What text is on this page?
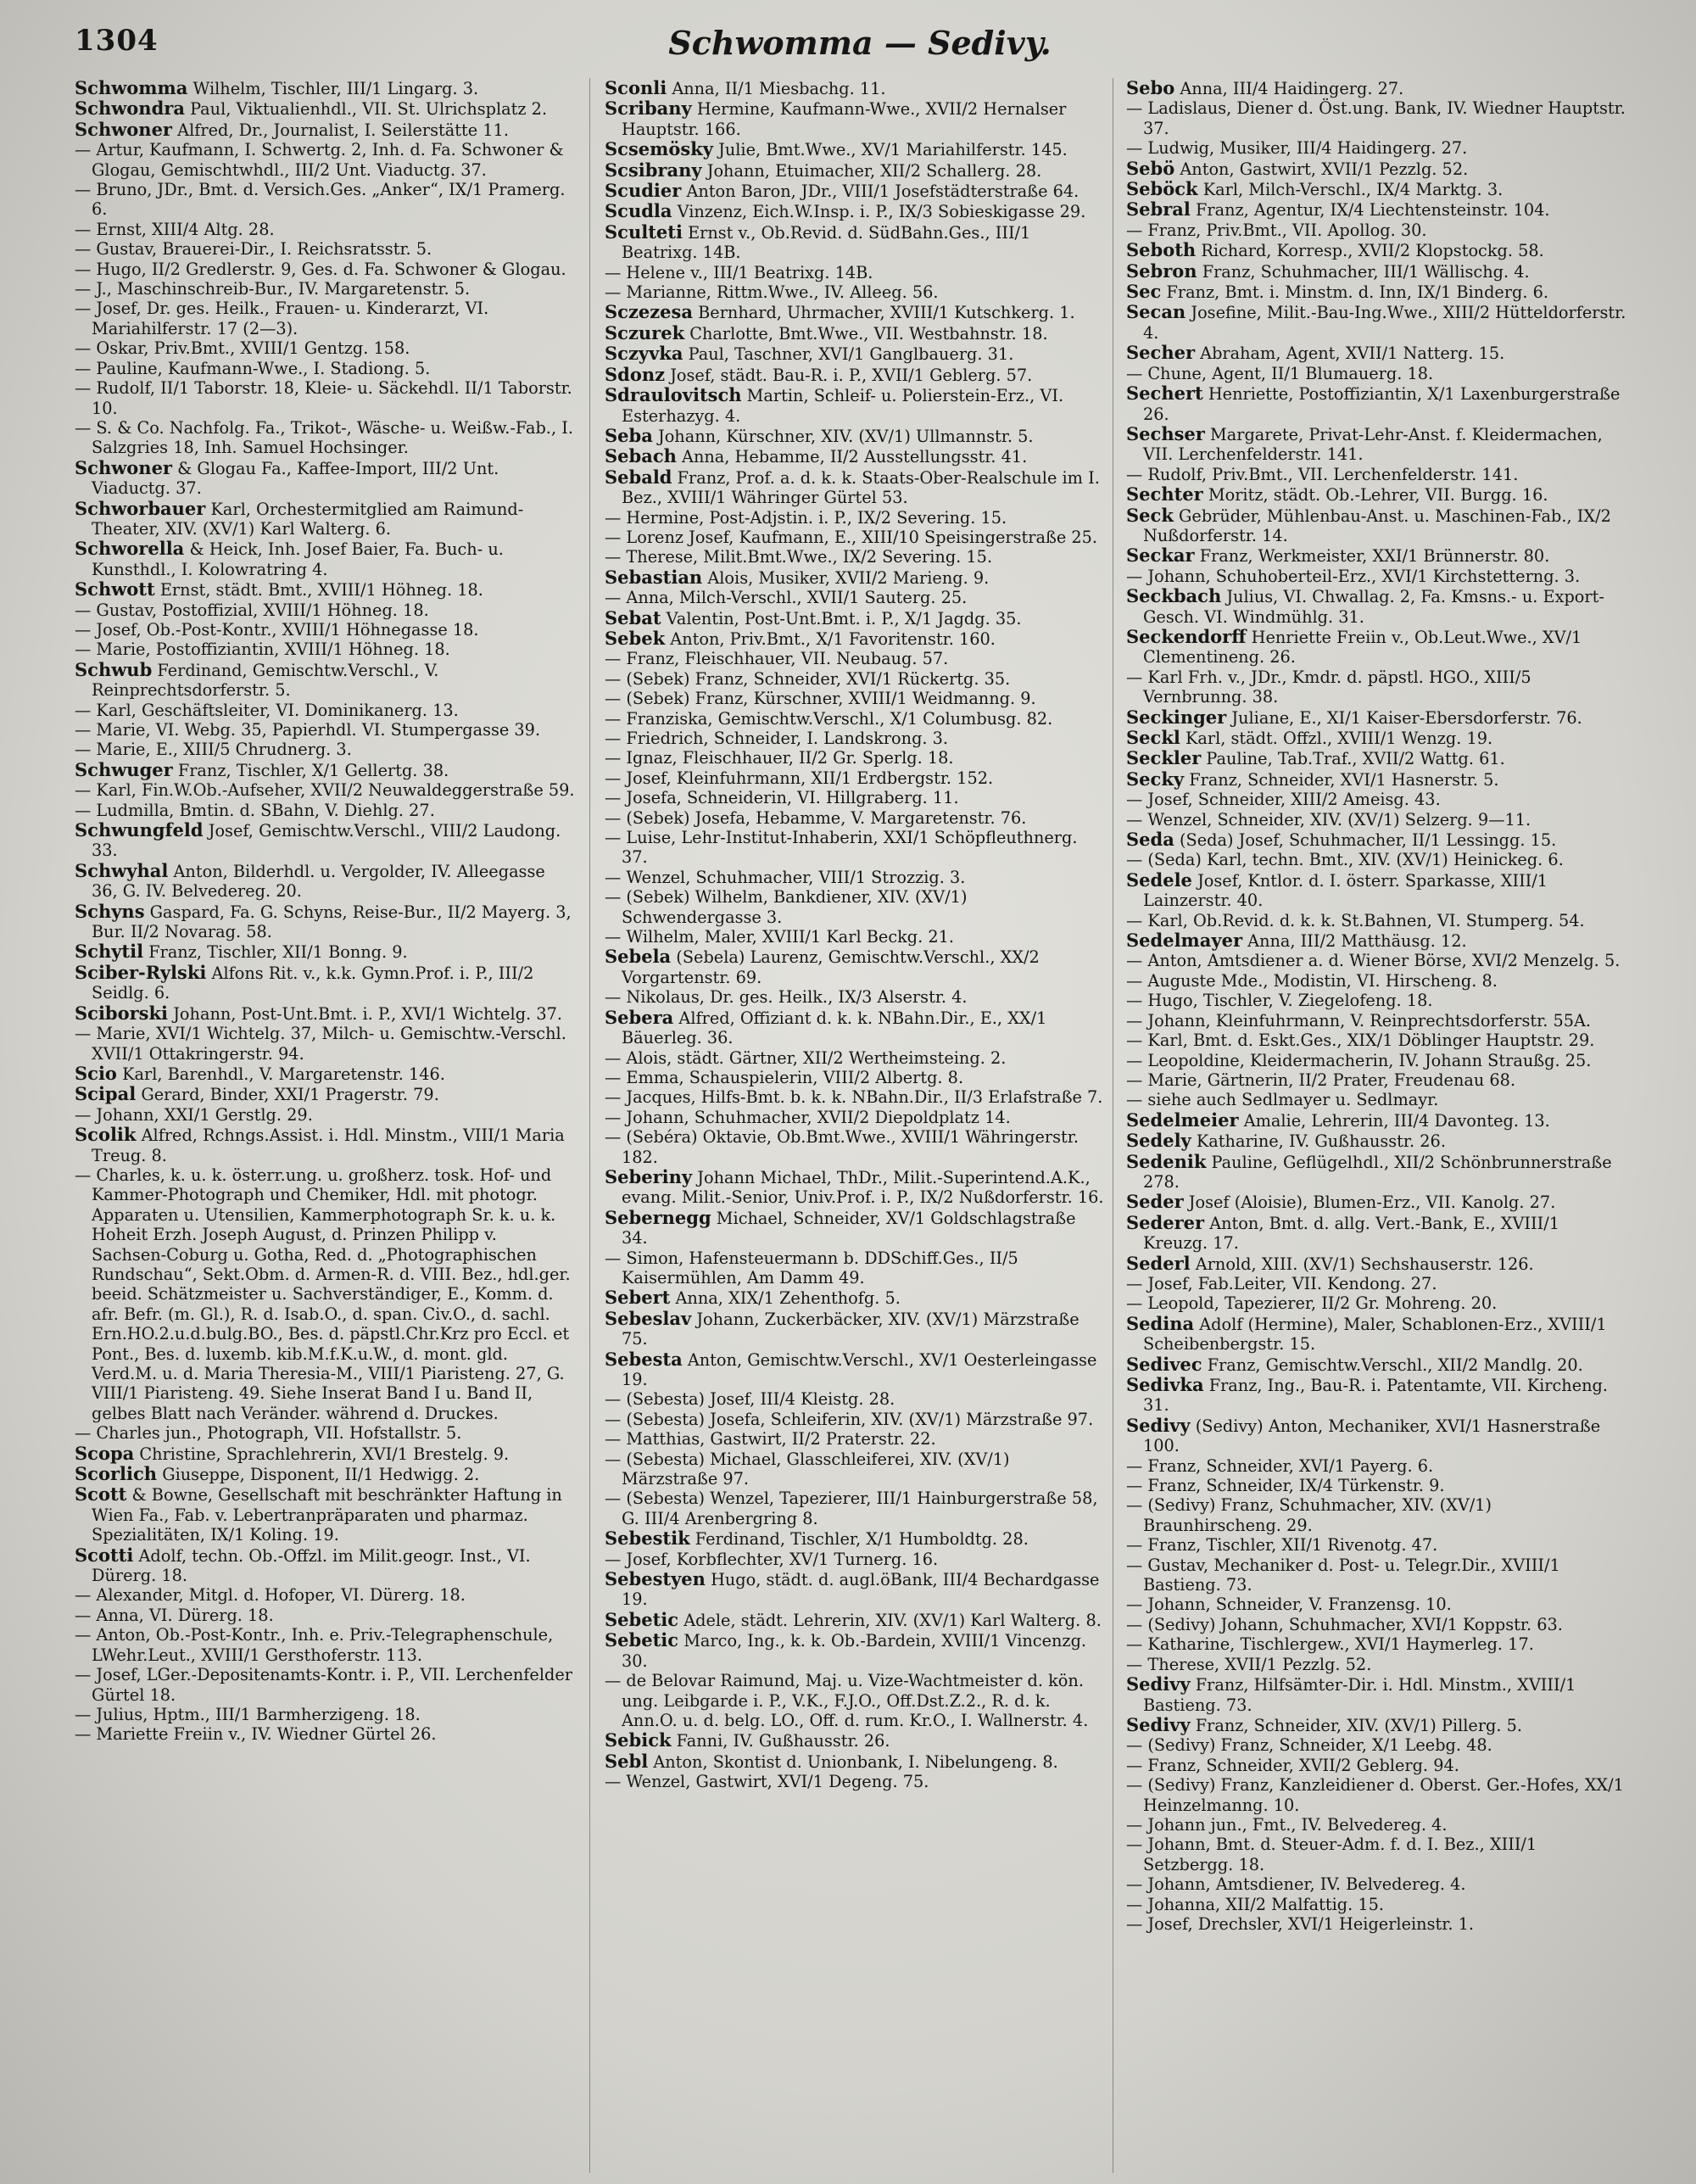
1304	Schwomma — Sedivy.

Schwomma Wilhelm, Tischler, III/1 Lingarg. 3.

Schwondra Paul, Viktualienhdl., VII. St. Ulrichsplatz 2.

Schwoner Alfred, Dr., Journalist, I. Seilerstätte 11.

— Artur, Kaufmann, I. Schwertg. 2, Inh. d. Fa. Schwoner & Glogau, Gemischtwhdl., III/2 Unt. Viaductg. 37.

— Bruno, JDr., Bmt. d. Versich.Ges. „Anker“, IX/1 Pramerg. 6.

— Ernst, XIII/4 Altg. 28.

— Gustav, Brauerei-Dir., I. Reichsratsstr. 5.

— Hugo, II/2 Gredlerstr. 9, Ges. d. Fa. Schwoner & Glogau.

— J., Maschinschreib-Bur., IV. Margaretenstr. 5.

— Josef, Dr. ges. Heilk., Frauen- u. Kinderarzt, VI. Mariahilferstr. 17 (2—3).

— Oskar, Priv.Bmt., XVIII/1 Gentzg. 158.

— Pauline, Kaufmann-Wwe., I. Stadiong. 5.

— Rudolf, II/1 Taborstr. 18, Kleie- u. Säckehdl. II/1 Taborstr. 10.

— S. & Co. Nachfolg. Fa., Trikot-, Wäsche- u. Weißw.-Fab., I. Salzgries 18, Inh. Samuel Hochsinger.

Schwoner & Glogau Fa., Kaffee-Import, III/2 Unt. Viaductg. 37.

Schworbauer Karl, Orchestermitglied am Raimund-Theater, XIV. (XV/1) Karl Walterg. 6.

Schworella & Heick, Inh. Josef Baier, Fa. Buch- u. Kunsthdl., I. Kolowratring 4.

Schwott Ernst, städt. Bmt., XVIII/1 Höhneg. 18.

— Gustav, Postoffizial, XVIII/1 Höhneg. 18.

— Josef, Ob.-Post-Kontr., XVIII/1 Höhnegasse 18.

— Marie, Postoffiziantin, XVIII/1 Höhneg. 18.

Schwub Ferdinand, Gemischtw.Verschl., V. Reinprechtsdorferstr. 5.

— Karl, Geschäftsleiter, VI. Dominikanerg. 13.

— Marie, VI. Webg. 35, Papierhdl. VI. Stumpergasse 39.

— Marie, E., XIII/5 Chrudnerg. 3.

Schwuger Franz, Tischler, X/1 Gellertg. 38.

— Karl, Fin.W.Ob.-Aufseher, XVII/2 Neuwaldeggerstraße 59.

— Ludmilla, Bmtin. d. SBahn, V. Diehlg. 27.

Schwungfeld Josef, Gemischtw.Verschl., VIII/2 Laudong. 33.

Schwyhal Anton, Bilderhdl. u. Vergolder, IV. Alleegasse 36, G. IV. Belvedereg. 20.

Schyns Gaspard, Fa. G. Schyns, Reise-Bur., II/2 Mayerg. 3, Bur. II/2 Novarag. 58.

Schytil Franz, Tischler, XII/1 Bonng. 9.

Sciber-Rylski Alfons Rit. v., k.k. Gymn.Prof. i. P., III/2 Seidlg. 6.

Sciborski Johann, Post-Unt.Bmt. i. P., XVI/1 Wichtelg. 37.

— Marie, XVI/1 Wichtelg. 37, Milch- u. Gemischtw.-Verschl. XVII/1 Ottakringerstr. 94.

Scio Karl, Barenhdl., V. Margaretenstr. 146.

Scipal Gerard, Binder, XXI/1 Pragerstr. 79.

— Johann, XXI/1 Gerstlg. 29.

Scolik Alfred, Rchngs.Assist. i. Hdl. Minstm., VIII/1 Maria Treug. 8.

— Charles, k. u. k. österr.ung. u. großherz. tosk. Hof- und Kammer-Photograph und Chemiker, Hdl. mit photogr. Apparaten u. Utensilien, Kammerphotograph Sr. k. u. k. Hoheit Erzh. Joseph August, d. Prinzen Philipp v. Sachsen-Coburg u. Gotha, Red. d. „Photographischen Rundschau“, Sekt.Obm. d. Armen-R. d. VIII. Bez., hdl.ger. beeid. Schätzmeister u. Sachverständiger, E., Komm. d. afr. Befr. (m. Gl.), R. d. Isab.O., d. span. Civ.O., d. sachl. Ern.HO.2.u.d.bulg.BO., Bes. d. päpstl.Chr.Krz pro Eccl. et Pont., Bes. d. luxemb. kib.M.f.K.u.W., d. mont. gld. Verd.M. u. d. Maria Theresia-M., VIII/1 Piaristeng. 27, G. VIII/1 Piaristeng. 49. Siehe Inserat Band I u. Band II, gelbes Blatt nach Veränder. während d. Druckes.

— Charles jun., Photograph, VII. Hofstallstr. 5.

Scopa Christine, Sprachlehrerin, XVI/1 Brestelg. 9.

Scorlich Giuseppe, Disponent, II/1 Hedwigg. 2.

Scott & Bowne, Gesellschaft mit beschränkter Haftung in Wien Fa., Fab. v. Lebertranpräparaten und pharmaz. Spezialitäten, IX/1 Koling. 19.

Scotti Adolf, techn. Ob.-Offzl. im Milit.geogr. Inst., VI. Dürerg. 18.

— Alexander, Mitgl. d. Hofoper, VI. Dürerg. 18.

— Anna, VI. Dürerg. 18.

— Anton, Ob.-Post-Kontr., Inh. e. Priv.-Telegraphenschule, LWehr.Leut., XVIII/1 Gersthoferstr. 113.

— Josef, LGer.-Depositenamts-Kontr. i. P., VII. Lerchenfelder Gürtel 18.

— Julius, Hptm., III/1 Barmherzigeng. 18.

— Mariette Freiin v., IV. Wiedner Gürtel 26.

Sconli Anna, II/1 Miesbachg. 11.

Scribany Hermine, Kaufmann-Wwe., XVII/2 Hernalser Hauptstr. 166.

Scsemösky Julie, Bmt.Wwe., XV/1 Mariahilferstr. 145.

Scsibrany Johann, Etuimacher, XII/2 Schallerg. 28.

Scudier Anton Baron, JDr., VIII/1 Josefstädterstraße 64.

Scudla Vinzenz, Eich.W.Insp. i. P., IX/3 Sobieskigasse 29.

Sculteti Ernst v., Ob.Revid. d. SüdBahn.Ges., III/1 Beatrixg. 14B.

— Helene v., III/1 Beatrixg. 14B.

— Marianne, Rittm.Wwe., IV. Alleeg. 56.

Sczezesa Bernhard, Uhrmacher, XVIII/1 Kutschkerg. 1.

Sczurek Charlotte, Bmt.Wwe., VII. Westbahnstr. 18.

Sczyvka Paul, Taschner, XVI/1 Ganglbauerg. 31.

Sdonz Josef, städt. Bau-R. i. P., XVII/1 Geblerg. 57.

Sdraulovitsch Martin, Schleif- u. Polierstein-Erz., VI. Esterhazyg. 4.

Seba Johann, Kürschner, XIV. (XV/1) Ullmannstr. 5.

Sebach Anna, Hebamme, II/2 Ausstellungsstr. 41.

Sebald Franz, Prof. a. d. k. k. Staats-Ober-Realschule im I. Bez., XVIII/1 Währinger Gürtel 53.

— Hermine, Post-Adjstin. i. P., IX/2 Severing. 15.

— Lorenz Josef, Kaufmann, E., XIII/10 Speisingerstraße 25.

— Therese, Milit.Bmt.Wwe., IX/2 Severing. 15.

Sebastian Alois, Musiker, XVII/2 Marieng. 9.

— Anna, Milch-Verschl., XVII/1 Sauterg. 25.

Sebat Valentin, Post-Unt.Bmt. i. P., X/1 Jagdg. 35.

Sebek Anton, Priv.Bmt., X/1 Favoritenstr. 160.

— Franz, Fleischhauer, VII. Neubaug. 57.

— (Sebek) Franz, Schneider, XVI/1 Rückertg. 35.

— (Sebek) Franz, Kürschner, XVIII/1 Weidmanng. 9.

— Franziska, Gemischtw.Verschl., X/1 Columbusg. 82.

— Friedrich, Schneider, I. Landskrong. 3.

— Ignaz, Fleischhauer, II/2 Gr. Sperlg. 18.

— Josef, Kleinfuhrmann, XII/1 Erdbergstr. 152.

— Josefa, Schneiderin, VI. Hillgraberg. 11.

— (Sebek) Josefa, Hebamme, V. Margaretenstr. 76.

— Luise, Lehr-Institut-Inhaberin, XXI/1 Schöpfleuthnerg. 37.

— Wenzel, Schuhmacher, VIII/1 Strozzig. 3.

— (Sebek) Wilhelm, Bankdiener, XIV. (XV/1) Schwendergasse 3.

— Wilhelm, Maler, XVIII/1 Karl Beckg. 21.

Sebela (Sebela) Laurenz, Gemischtw.Verschl., XX/2 Vorgartenstr. 69.

— Nikolaus, Dr. ges. Heilk., IX/3 Alserstr. 4.

Sebera Alfred, Offiziant d. k. k. NBahn.Dir., E., XX/1 Bäuerleg. 36.

— Alois, städt. Gärtner, XII/2 Wertheimsteing. 2.

— Emma, Schauspielerin, VIII/2 Albertg. 8.

— Jacques, Hilfs-Bmt. b. k. k. NBahn.Dir., II/3 Erlafstraße 7.

— Johann, Schuhmacher, XVII/2 Diepoldplatz 14.

— (Sebéra) Oktavie, Ob.Bmt.Wwe., XVIII/1 Währingerstr. 182.

Seberiny Johann Michael, ThDr., Milit.-Superintend.A.K., evang. Milit.-Senior, Univ.Prof. i. P., IX/2 Nußdorferstr. 16.

Sebernegg Michael, Schneider, XV/1 Goldschlagstraße 34.

— Simon, Hafensteuermann b. DDSchiff.Ges., II/5 Kaisermühlen, Am Damm 49.

Sebert Anna, XIX/1 Zehenthofg. 5.

Sebeslav Johann, Zuckerbäcker, XIV. (XV/1) Märzstraße 75.

Sebesta Anton, Gemischtw.Verschl., XV/1 Oesterleingasse 19.

— (Sebesta) Josef, III/4 Kleistg. 28.

— (Sebesta) Josefa, Schleiferin, XIV. (XV/1) Märzstraße 97.

— Matthias, Gastwirt, II/2 Praterstr. 22.

— (Sebesta) Michael, Glasschleiferei, XIV. (XV/1) Märzstraße 97.

— (Sebesta) Wenzel, Tapezierer, III/1 Hainburgerstraße 58, G. III/4 Arenbergring 8.

Sebestik Ferdinand, Tischler, X/1 Humboldtg. 28.

— Josef, Korbflechter, XV/1 Turnerg. 16.

Sebestyen Hugo, städt. d. augl.öBank, III/4 Bechardgasse 19.

Sebetic Adele, städt. Lehrerin, XIV. (XV/1) Karl Walterg. 8.

Sebetic Marco, Ing., k. k. Ob.-Bardein, XVIII/1 Vincenzg. 30.

— de Belovar Raimund, Maj. u. Vize-Wachtmeister d. kön. ung. Leibgarde i. P., V.K., F.J.O., Off.Dst.Z.2., R. d. k. Ann.O. u. d. belg. LO., Off. d. rum. Kr.O., I. Wallnerstr. 4.

Sebick Fanni, IV. Gußhausstr. 26.

Sebl Anton, Skontist d. Unionbank, I. Nibelungeng. 8.

— Wenzel, Gastwirt, XVI/1 Degeng. 75.

Sebo Anna, III/4 Haidingerg. 27.

— Ladislaus, Diener d. Öst.ung. Bank, IV. Wiedner Hauptstr. 37.

— Ludwig, Musiker, III/4 Haidingerg. 27.

Sebö Anton, Gastwirt, XVII/1 Pezzlg. 52.

Seböck Karl, Milch-Verschl., IX/4 Marktg. 3.

Sebral Franz, Agentur, IX/4 Liechtensteinstr. 104.

— Franz, Priv.Bmt., VII. Apollog. 30.

Seboth Richard, Korresp., XVII/2 Klopstockg. 58.

Sebron Franz, Schuhmacher, III/1 Wällischg. 4.

Sec Franz, Bmt. i. Minstm. d. Inn, IX/1 Binderg. 6.

Secan Josefine, Milit.-Bau-Ing.Wwe., XIII/2 Hütteldorferstr. 4.

Secher Abraham, Agent, XVII/1 Natterg. 15.

— Chune, Agent, II/1 Blumauerg. 18.

Sechert Henriette, Postoffiziantin, X/1 Laxenburgerstraße 26.

Sechser Margarete, Privat-Lehr-Anst. f. Kleidermachen, VII. Lerchenfelderstr. 141.

— Rudolf, Priv.Bmt., VII. Lerchenfelderstr. 141.

Sechter Moritz, städt. Ob.-Lehrer, VII. Burgg. 16.

Seck Gebrüder, Mühlenbau-Anst. u. Maschinen-Fab., IX/2 Nußdorferstr. 14.

Seckar Franz, Werkmeister, XXI/1 Brünnerstr. 80.

— Johann, Schuhoberteil-Erz., XVI/1 Kirchstetterng. 3.

Seckbach Julius, VI. Chwallag. 2, Fa. Kmsns.- u. Export-Gesch. VI. Windmühlg. 31.

Seckendorff Henriette Freiin v., Ob.Leut.Wwe., XV/1 Clementineng. 26.

— Karl Frh. v., JDr., Kmdr. d. päpstl. HGO., XIII/5 Vernbrunng. 38.

Seckinger Juliane, E., XI/1 Kaiser-Ebersdorferstr. 76.

Seckl Karl, städt. Offzl., XVIII/1 Wenzg. 19.

Seckler Pauline, Tab.Traf., XVII/2 Wattg. 61.

Secky Franz, Schneider, XVI/1 Hasnerstr. 5.

— Josef, Schneider, XIII/2 Ameisg. 43.

— Wenzel, Schneider, XIV. (XV/1) Selzerg. 9—11.

Seda (Seda) Josef, Schuhmacher, II/1 Lessingg. 15.

— (Seda) Karl, techn. Bmt., XIV. (XV/1) Heinickeg. 6.

Sedele Josef, Kntlor. d. I. österr. Sparkasse, XIII/1 Lainzerstr. 40.

— Karl, Ob.Revid. d. k. k. St.Bahnen, VI. Stumperg. 54.

Sedelmayer Anna, III/2 Matthäusg. 12.

— Anton, Amtsdiener a. d. Wiener Börse, XVI/2 Menzelg. 5.

— Auguste Mde., Modistin, VI. Hirscheng. 8.

— Hugo, Tischler, V. Ziegelofeng. 18.

— Johann, Kleinfuhrmann, V. Reinprechtsdorferstr. 55A.

— Karl, Bmt. d. Eskt.Ges., XIX/1 Döblinger Hauptstr. 29.

— Leopoldine, Kleidermacherin, IV. Johann Straußg. 25.

— Marie, Gärtnerin, II/2 Prater, Freudenau 68.

— siehe auch Sedlmayer u. Sedlmayr.

Sedelmeier Amalie, Lehrerin, III/4 Davonteg. 13.

Sedely Katharine, IV. Gußhausstr. 26.

Sedenik Pauline, Geflügelhdl., XII/2 Schönbrunnerstraße 278.

Seder Josef (Aloisie), Blumen-Erz., VII. Kanolg. 27.

Sederer Anton, Bmt. d. allg. Vert.-Bank, E., XVIII/1 Kreuzg. 17.

Sederl Arnold, XIII. (XV/1) Sechshauserstr. 126.

— Josef, Fab.Leiter, VII. Kendong. 27.

— Leopold, Tapezierer, II/2 Gr. Mohreng. 20.

Sedina Adolf (Hermine), Maler, Schablonen-Erz., XVIII/1 Scheibenbergstr. 15.

Sedivec Franz, Gemischtw.Verschl., XII/2 Mandlg. 20.

Sedivka Franz, Ing., Bau-R. i. Patentamte, VII. Kircheng. 31.

Sedivy (Sedivy) Anton, Mechaniker, XVI/1 Hasnerstraße 100.

— Franz, Schneider, XVI/1 Payerg. 6.

— Franz, Schneider, IX/4 Türkenstr. 9.

— (Sedivy) Franz, Schuhmacher, XIV. (XV/1) Braunhirscheng. 29.

— Franz, Tischler, XII/1 Rivenotg. 47.

— Gustav, Mechaniker d. Post- u. Telegr.Dir., XVIII/1 Bastieng. 73.

— Johann, Schneider, V. Franzensg. 10.

— (Sedivy) Johann, Schuhmacher, XVI/1 Koppstr. 63.

— Katharine, Tischlergew., XVI/1 Haymerleg. 17.

— Therese, XVII/1 Pezzlg. 52.

Sedivy Franz, Hilfsämter-Dir. i. Hdl. Minstm., XVIII/1 Bastieng. 73.

Sedivy Franz, Schneider, XIV. (XV/1) Pillerg. 5.

— (Sedivy) Franz, Schneider, X/1 Leebg. 48.

— Franz, Schneider, XVII/2 Geblerg. 94.

— (Sedivy) Franz, Kanzleidiener d. Oberst. Ger.-Hofes, XX/1 Heinzelmanng. 10.

— Johann jun., Fmt., IV. Belvedereg. 4.

— Johann, Bmt. d. Steuer-Adm. f. d. I. Bez., XIII/1 Setzbergg. 18.

— Johann, Amtsdiener, IV. Belvedereg. 4.

— Johanna, XII/2 Malfattig. 15.

— Josef, Drechsler, XVI/1 Heigerleinstr. 1.
